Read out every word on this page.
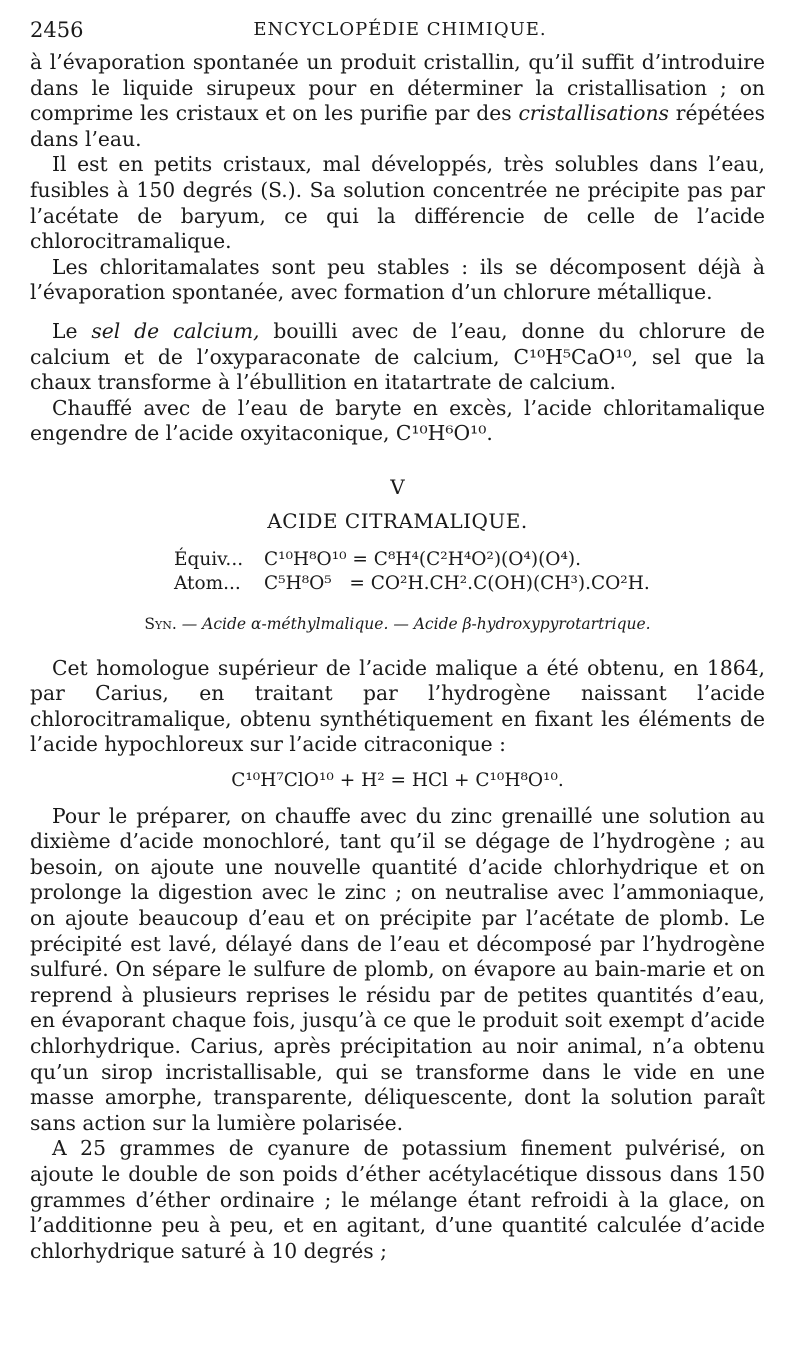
2456	ENCYCLOPÉDIE CHIMIQUE.

à l’évaporation spontanée un produit cristallin, qu’il suffit d’introduire dans le liquide sirupeux pour en déterminer la cristallisation ; on comprime les cristaux et on les purifie par des cristallisations répétées dans l’eau.

Il est en petits cristaux, mal développés, très solubles dans l’eau, fusibles à 150 degrés (S.). Sa solution concentrée ne précipite pas par l’acétate de baryum, ce qui la différencie de celle de l’acide chlorocitramalique.

Les chloritamalates sont peu stables : ils se décomposent déjà à l’évaporation spontanée, avec formation d’un chlorure métallique.

Le sel de calcium, bouilli avec de l’eau, donne du chlorure de calcium et de l’oxyparaconate de calcium, C¹⁰H⁵CaO¹⁰, sel que la chaux transforme à l’ébullition en itatartrate de calcium.

Chauffé avec de l’eau de baryte en excès, l’acide chloritamalique engendre de l’acide oxyitaconique, C¹⁰H⁶O¹⁰.

V
ACIDE CITRAMALIQUE.
Équiv...	C¹⁰H⁸O¹⁰ = C⁸H⁴(C²H⁴O²)(O⁴)(O⁴).
Atom...	C⁵H⁸O⁵   = CO²H.CH².C(OH)(CH³).CO²H.
Syn. — Acide α-méthylmalique. — Acide β-hydroxypyrotartrique.

Cet homologue supérieur de l’acide malique a été obtenu, en 1864, par Carius, en traitant par l’hydrogène naissant l’acide chlorocitramalique, obtenu synthétiquement en fixant les éléments de l’acide hypochloreux sur l’acide citraconique :

C¹⁰H⁷ClO¹⁰ + H² = HCl + C¹⁰H⁸O¹⁰.

Pour le préparer, on chauffe avec du zinc grenaillé une solution au dixième d’acide monochloré, tant qu’il se dégage de l’hydrogène ; au besoin, on ajoute une nouvelle quantité d’acide chlorhydrique et on prolonge la digestion avec le zinc ; on neutralise avec l’ammoniaque, on ajoute beaucoup d’eau et on précipite par l’acétate de plomb. Le précipité est lavé, délayé dans de l’eau et décomposé par l’hydrogène sulfuré. On sépare le sulfure de plomb, on évapore au bain-marie et on reprend à plusieurs reprises le résidu par de petites quantités d’eau, en évaporant chaque fois, jusqu’à ce que le produit soit exempt d’acide chlorhydrique. Carius, après précipitation au noir animal, n’a obtenu qu’un sirop incristallisable, qui se transforme dans le vide en une masse amorphe, transparente, déliquescente, dont la solution paraît sans action sur la lumière polarisée.

A 25 grammes de cyanure de potassium finement pulvérisé, on ajoute le double de son poids d’éther acétylacétique dissous dans 150 grammes d’éther ordinaire ; le mélange étant refroidi à la glace, on l’additionne peu à peu, et en agitant, d’une quantité calculée d’acide chlorhydrique saturé à 10 degrés ;
